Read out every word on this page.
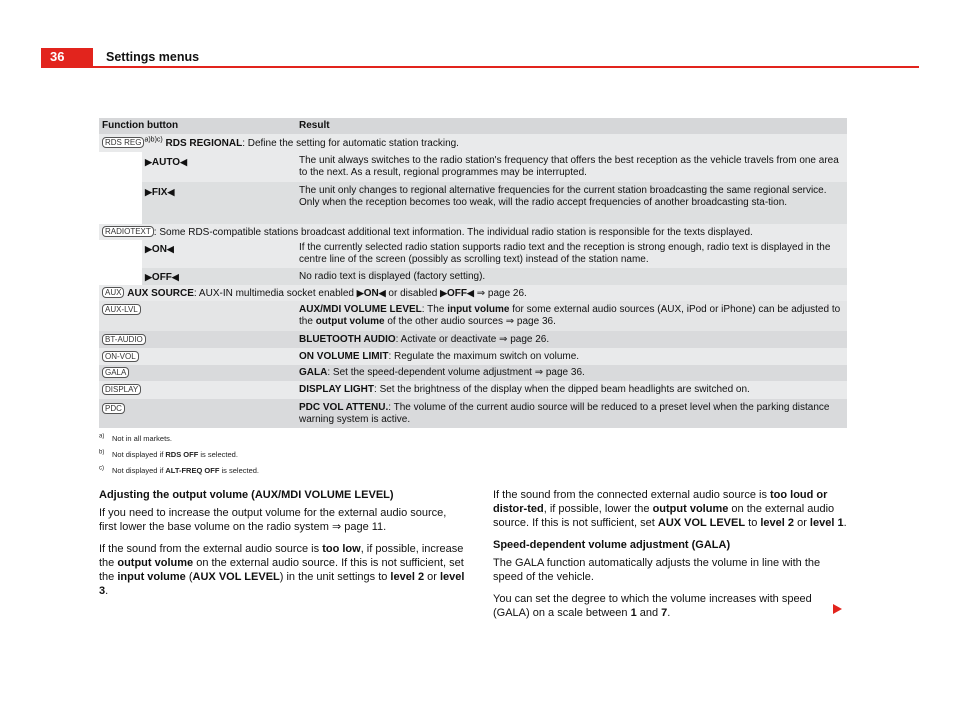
36	Settings menus
Function button	Result
RDS REG $^{a)b)c)}$ RDS REGIONAL: Define the setting for automatic station tracking.
▶AUTO◀	The unit always switches to the radio station's frequency that offers the best reception as the vehicle travels from one area to the next. As a result, regional programmes may be interrupted.
▶FIX◀	The unit only changes to regional alternative frequencies for the current station broadcasting the same regional service. Only when the reception becomes too weak, will the radio accept frequencies of another broadcasting sta-tion.
RADIOTEXT : Some RDS-compatible stations broadcast additional text information. The individual radio station is responsible for the texts displayed.
▶ON◀	If the currently selected radio station supports radio text and the reception is strong enough, radio text is displayed in the centre line of the screen (possibly as scrolling text) instead of the station name.
▶OFF◀	No radio text is displayed (factory setting).
AUX AUX SOURCE: AUX-IN multimedia socket enabled ▶ON◀ or disabled ▶OFF◀ ⇒ page 26.
AUX-LVL	AUX/MDI VOLUME LEVEL: The input volume for some external audio sources (AUX, iPod or iPhone) can be adjusted to the output volume of the other audio sources ⇒ page 36.
BT-AUDIO	BLUETOOTH AUDIO: Activate or deactivate ⇒ page 26.
ON-VOL	ON VOLUME LIMIT: Regulate the maximum switch on volume.
GALA	GALA: Set the speed-dependent volume adjustment ⇒ page 36.
DISPLAY	DISPLAY LIGHT: Set the brightness of the display when the dipped beam headlights are switched on.
PDC	PDC VOL ATTENU.: The volume of the current audio source will be reduced to a preset level when the parking distance warning system is active.
$^{a)}$ Not in all markets.
$^{b)}$ Not displayed if RDS OFF is selected.
$^{c)}$ Not displayed if ALT-FREQ OFF is selected.

Adjusting the output volume (AUX/MDI VOLUME LEVEL)

If you need to increase the output volume for the external audio source, first lower the base volume on the radio system ⇒ page 11.

If the sound from the external audio source is too low, if possible, increase the output volume on the external audio source. If this is not sufficient, set the input volume (AUX VOL LEVEL) in the unit settings to level 2 or level 3.

If the sound from the connected external audio source is too loud or distor-ted, if possible, lower the output volume on the external audio source. If this is not sufficient, set AUX VOL LEVEL to level 2 or level 1.

Speed-dependent volume adjustment (GALA)

The GALA function automatically adjusts the volume in line with the speed of the vehicle.

You can set the degree to which the volume increases with speed (GALA) on a scale between 1 and 7.
